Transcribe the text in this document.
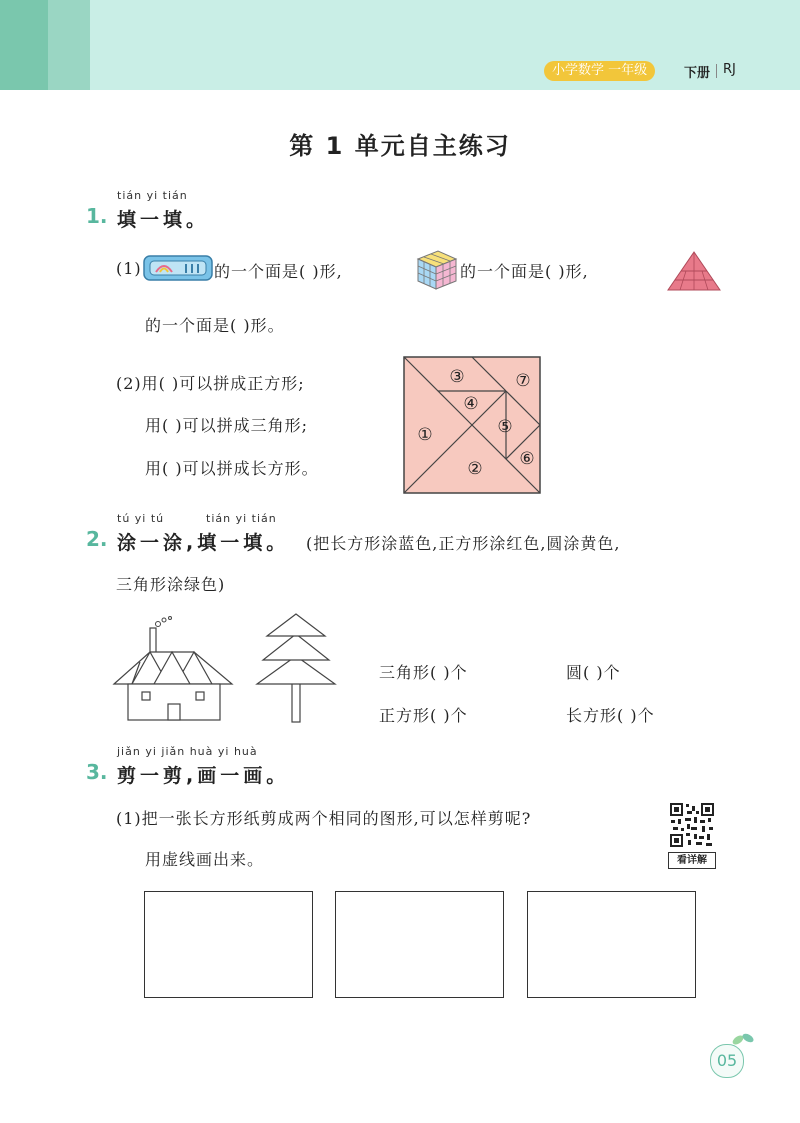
小学数学 一年级	下册 RJ
第 1 单元自主练习
tián yi tián
1. 填一填。
(1)	的一个面是( )形,	的一个面是( )形,
的一个面是( )形。
(2)用( )可以拼成正方形;
用( )可以拼成三角形;
用( )可以拼成长方形。
③	⑦
④
①	⑤
② ⑥
tú yi tú	tián yi tián
2. 涂一涂,填一填。 (把长方形涂蓝色,正方形涂红色,圆涂黄色,
三角形涂绿色)
三角形( )个	圆( )个
正方形( )个	长方形( )个
jiǎn yi jiǎn huà yi huà
3. 剪一剪,画一画。
(1)把一张长方形纸剪成两个相同的图形,可以怎样剪呢?
用虚线画出来。	看详解
05
